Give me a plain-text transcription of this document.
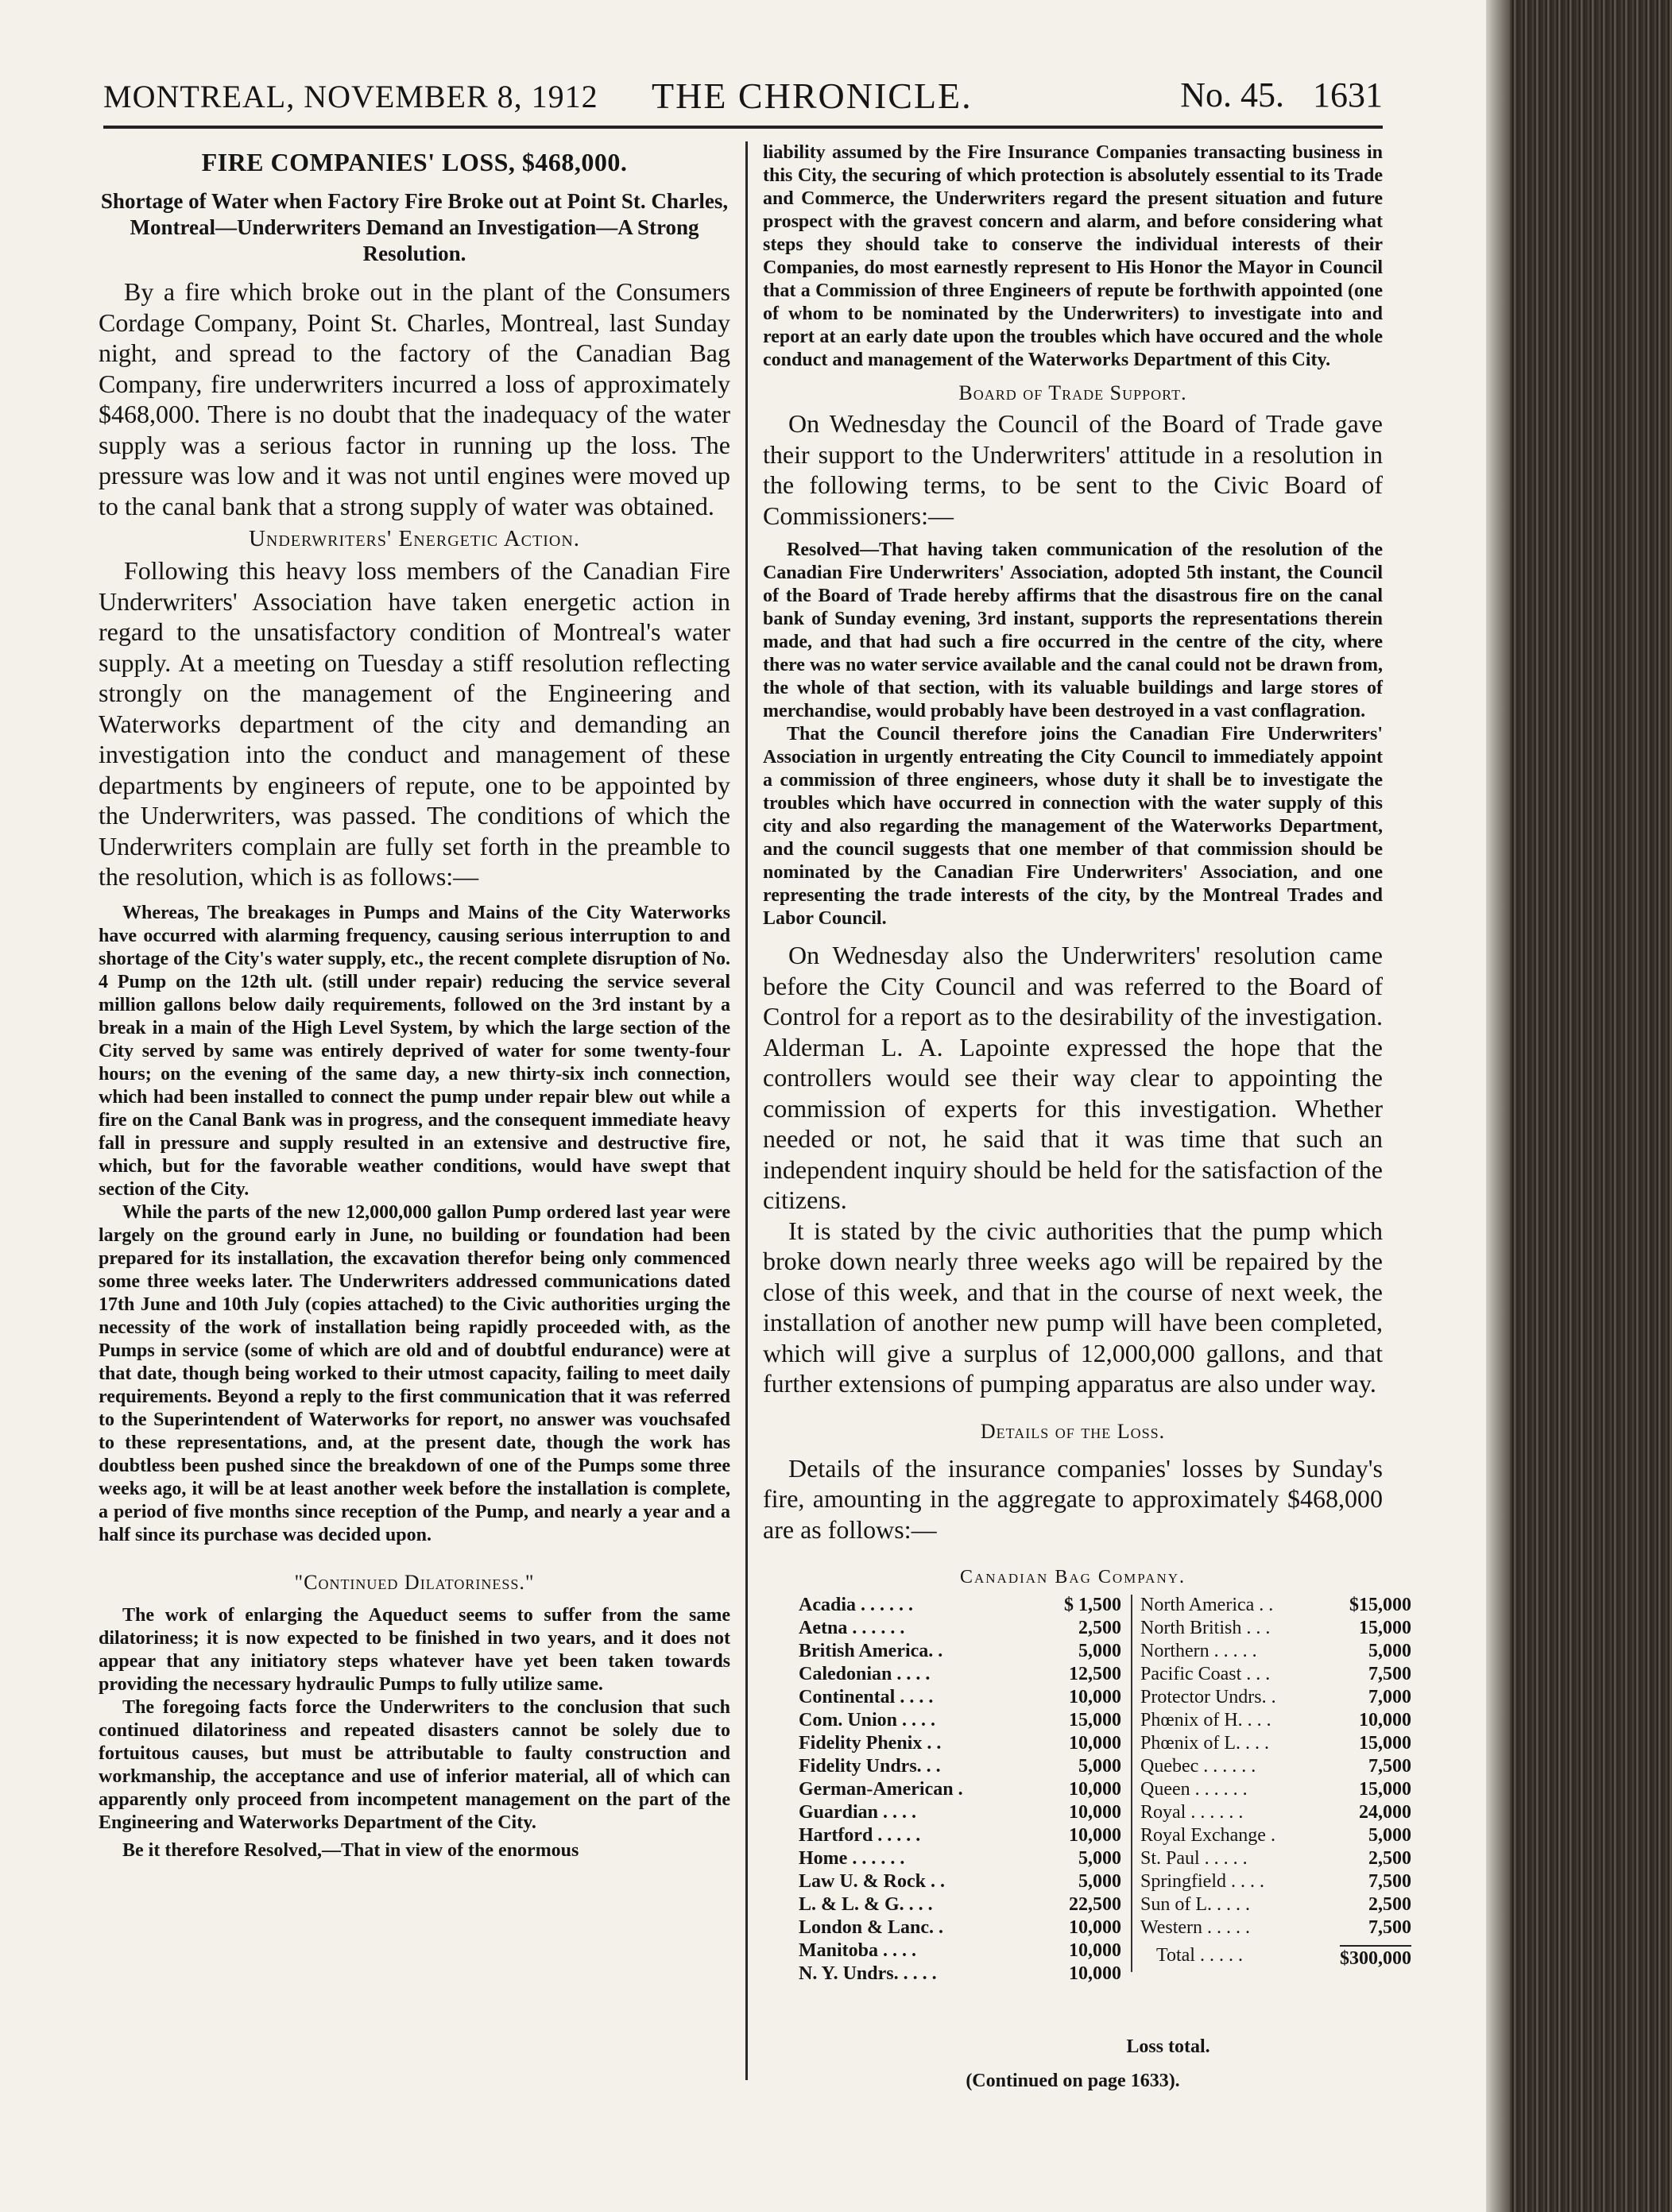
MONTREAL, NOVEMBER 8, 1912 THE CHRONICLE.	No. 45. 1631
FIRE COMPANIES' LOSS, $468,000.
Shortage of Water when Factory Fire Broke out at Point St. Charles, Montreal—Underwriters Demand an Investigation—A Strong Resolution.

By a fire which broke out in the plant of the Consumers Cordage Company, Point St. Charles, Montreal, last Sunday night, and spread to the factory of the Canadian Bag Company, fire underwriters incurred a loss of approximately $468,000. There is no doubt that the inadequacy of the water supply was a serious factor in running up the loss. The pressure was low and it was not until engines were moved up to the canal bank that a strong supply of water was obtained.

Underwriters' Energetic Action.

Following this heavy loss members of the Canadian Fire Underwriters' Association have taken energetic action in regard to the unsatisfactory condition of Montreal's water supply. At a meeting on Tuesday a stiff resolution reflecting strongly on the management of the Engineering and Waterworks department of the city and demanding an investigation into the conduct and management of these departments by engineers of repute, one to be appointed by the Underwriters, was passed. The conditions of which the Underwriters complain are fully set forth in the preamble to the resolution, which is as follows:—

Whereas, The breakages in Pumps and Mains of the City Waterworks have occurred with alarming frequency, causing serious interruption to and shortage of the City's water supply, etc., the recent complete disruption of No. 4 Pump on the 12th ult. (still under repair) reducing the service several million gallons below daily requirements, followed on the 3rd instant by a break in a main of the High Level System, by which the large section of the City served by same was entirely deprived of water for some twenty-four hours; on the evening of the same day, a new thirty-six inch connection, which had been installed to connect the pump under repair blew out while a fire on the Canal Bank was in progress, and the consequent immediate heavy fall in pressure and supply resulted in an extensive and destructive fire, which, but for the favorable weather conditions, would have swept that section of the City.

While the parts of the new 12,000,000 gallon Pump ordered last year were largely on the ground early in June, no building or foundation had been prepared for its installation, the excavation therefor being only commenced some three weeks later. The Underwriters addressed communications dated 17th June and 10th July (copies attached) to the Civic authorities urging the necessity of the work of installation being rapidly proceeded with, as the Pumps in service (some of which are old and of doubtful endurance) were at that date, though being worked to their utmost capacity, failing to meet daily requirements. Beyond a reply to the first communication that it was referred to the Superintendent of Waterworks for report, no answer was vouchsafed to these representations, and, at the present date, though the work has doubtless been pushed since the breakdown of one of the Pumps some three weeks ago, it will be at least another week before the installation is complete, a period of five months since reception of the Pump, and nearly a year and a half since its purchase was decided upon.

"Continued Dilatoriness."

The work of enlarging the Aqueduct seems to suffer from the same dilatoriness; it is now expected to be finished in two years, and it does not appear that any initiatory steps whatever have yet been taken towards providing the necessary hydraulic Pumps to fully utilize same.

The foregoing facts force the Underwriters to the conclusion that such continued dilatoriness and repeated disasters cannot be solely due to fortuitous causes, but must be attributable to faulty construction and workmanship, the acceptance and use of inferior material, all of which can apparently only proceed from incompetent management on the part of the Engineering and Waterworks Department of the City.

Be it therefore Resolved,—That in view of the enormous

liability assumed by the Fire Insurance Companies transacting business in this City, the securing of which protection is absolutely essential to its Trade and Commerce, the Underwriters regard the present situation and future prospect with the gravest concern and alarm, and before considering what steps they should take to conserve the individual interests of their Companies, do most earnestly represent to His Honor the Mayor in Council that a Commission of three Engineers of repute be forthwith appointed (one of whom to be nominated by the Underwriters) to investigate into and report at an early date upon the troubles which have occured and the whole conduct and management of the Waterworks Department of this City.

Board of Trade Support.

On Wednesday the Council of the Board of Trade gave their support to the Underwriters' attitude in a resolution in the following terms, to be sent to the Civic Board of Commissioners:—

Resolved—That having taken communication of the resolution of the Canadian Fire Underwriters' Association, adopted 5th instant, the Council of the Board of Trade hereby affirms that the disastrous fire on the canal bank of Sunday evening, 3rd instant, supports the representations therein made, and that had such a fire occurred in the centre of the city, where there was no water service available and the canal could not be drawn from, the whole of that section, with its valuable buildings and large stores of merchandise, would probably have been destroyed in a vast conflagration.

That the Council therefore joins the Canadian Fire Underwriters' Association in urgently entreating the City Council to immediately appoint a commission of three engineers, whose duty it shall be to investigate the troubles which have occurred in connection with the water supply of this city and also regarding the management of the Waterworks Department, and the council suggests that one member of that commission should be nominated by the Canadian Fire Underwriters' Association, and one representing the trade interests of the city, by the Montreal Trades and Labor Council.

On Wednesday also the Underwriters' resolution came before the City Council and was referred to the Board of Control for a report as to the desirability of the investigation. Alderman L. A. Lapointe expressed the hope that the controllers would see their way clear to appointing the commission of experts for this investigation. Whether needed or not, he said that it was time that such an independent inquiry should be held for the satisfaction of the citizens.

It is stated by the civic authorities that the pump which broke down nearly three weeks ago will be repaired by the close of this week, and that in the course of next week, the installation of another new pump will have been completed, which will give a surplus of 12,000,000 gallons, and that further extensions of pumping apparatus are also under way.

Details of the Loss.

Details of the insurance companies' losses by Sunday's fire, amounting in the aggregate to approximately $468,000 are as follows:—

Canadian Bag Company.
Acadia . . . . . .	$ 1,500
Aetna . . . . . .	2,500
British America. .	5,000
Caledonian . . . .	12,500
Continental . . . .	10,000
Com. Union . . . .	15,000
Fidelity Phenix . .	10,000
Fidelity Undrs. . .	5,000
German-American .	10,000
Guardian . . . .	10,000
Hartford . . . . .	10,000
Home . . . . . .	5,000
Law U. & Rock . .	5,000
L. & L. & G. . . .	22,500
London & Lanc. .	10,000
Manitoba . . . .	10,000
N. Y. Undrs. . . . .	10,000
North America . .	$15,000
North British . . .	15,000
Northern . . . . .	5,000
Pacific Coast . . .	7,500
Protector Undrs. .	7,000
Phœnix of H. . . .	10,000
Phœnix of L. . . .	15,000
Quebec . . . . . .	7,500
Queen . . . . . .	15,000
Royal . . . . . .	24,000
Royal Exchange .	5,000
St. Paul . . . . .	2,500
Springfield . . . .	7,500
Sun of L. . . . .	2,500
Western . . . . .	7,500
Total . . . . .	$300,000
Loss total.
(Continued on page 1633).
